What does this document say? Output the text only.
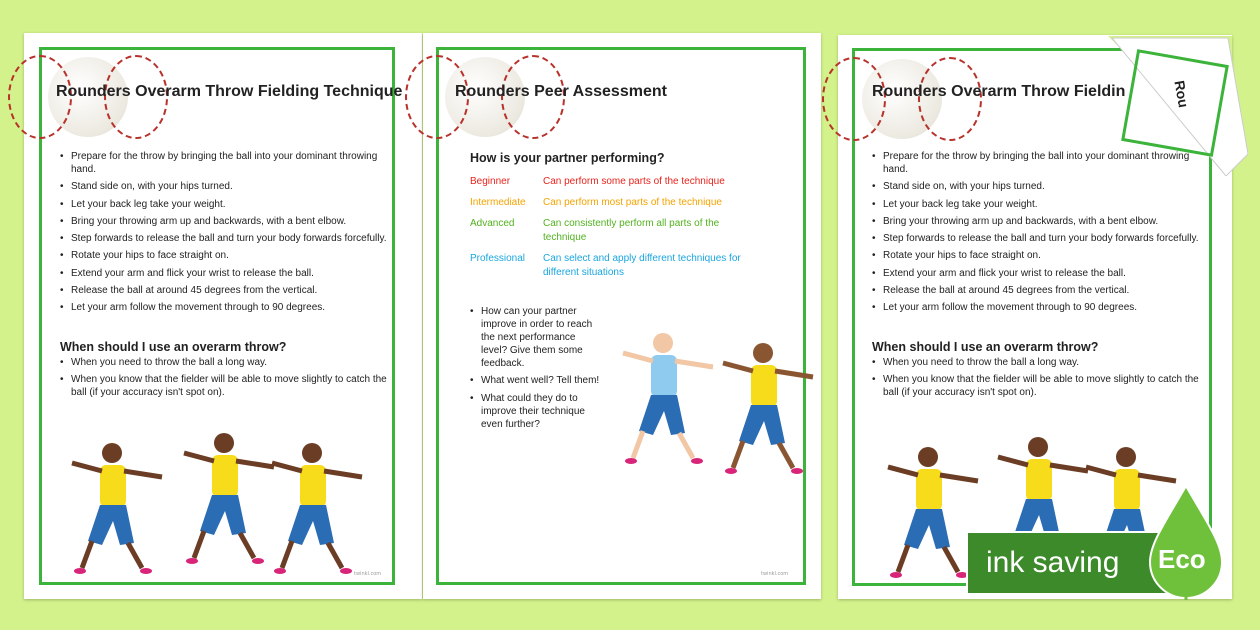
Rounders Overarm Throw Fielding Technique
• Prepare for the throw by bringing the ball into your dominant throwing hand.
• Stand side on, with your hips turned.
• Let your back leg take your weight.
• Bring your throwing arm up and backwards, with a bent elbow.
• Step forwards to release the ball and turn your body forwards forcefully.
• Rotate your hips to face straight on.
• Extend your arm and flick your wrist to release the ball.
• Release the ball at around 45 degrees from the vertical.
• Let your arm follow the movement through to 90 degrees.
When should I use an overarm throw?
• When you need to throw the ball a long way.
• When you know that the fielder will be able to move slightly to catch the ball (if your accuracy isn't spot on).
twinkl.com
Rounders Peer Assessment
How is your partner performing?
Beginner	Can perform some parts of the technique
Intermediate Can perform most parts of the technique
Advanced	Can consistently perform all parts of the technique
Professional Can select and apply different techniques for different situations
• How can your partner improve in order to reach the next performance level? Give them some feedback.
• What went well? Tell them!
• What could they do to improve their technique even further?
twinkl.com
Rounders Overarm Throw Fieldin
• Prepare for the throw by bringing the ball into your dominant throwing hand.
• Stand side on, with your hips turned.
• Let your back leg take your weight.
• Bring your throwing arm up and backwards, with a bent elbow.
• Step forwards to release the ball and turn your body forwards forcefully.
• Rotate your hips to face straight on.
• Extend your arm and flick your wrist to release the ball.
• Release the ball at around 45 degrees from the vertical.
• Let your arm follow the movement through to 90 degrees.
When should I use an overarm throw?
• When you need to throw the ball a long way.
• When you know that the fielder will be able to move slightly to catch the ball (if your accuracy isn't spot on).
Rou
ink saving Eco
